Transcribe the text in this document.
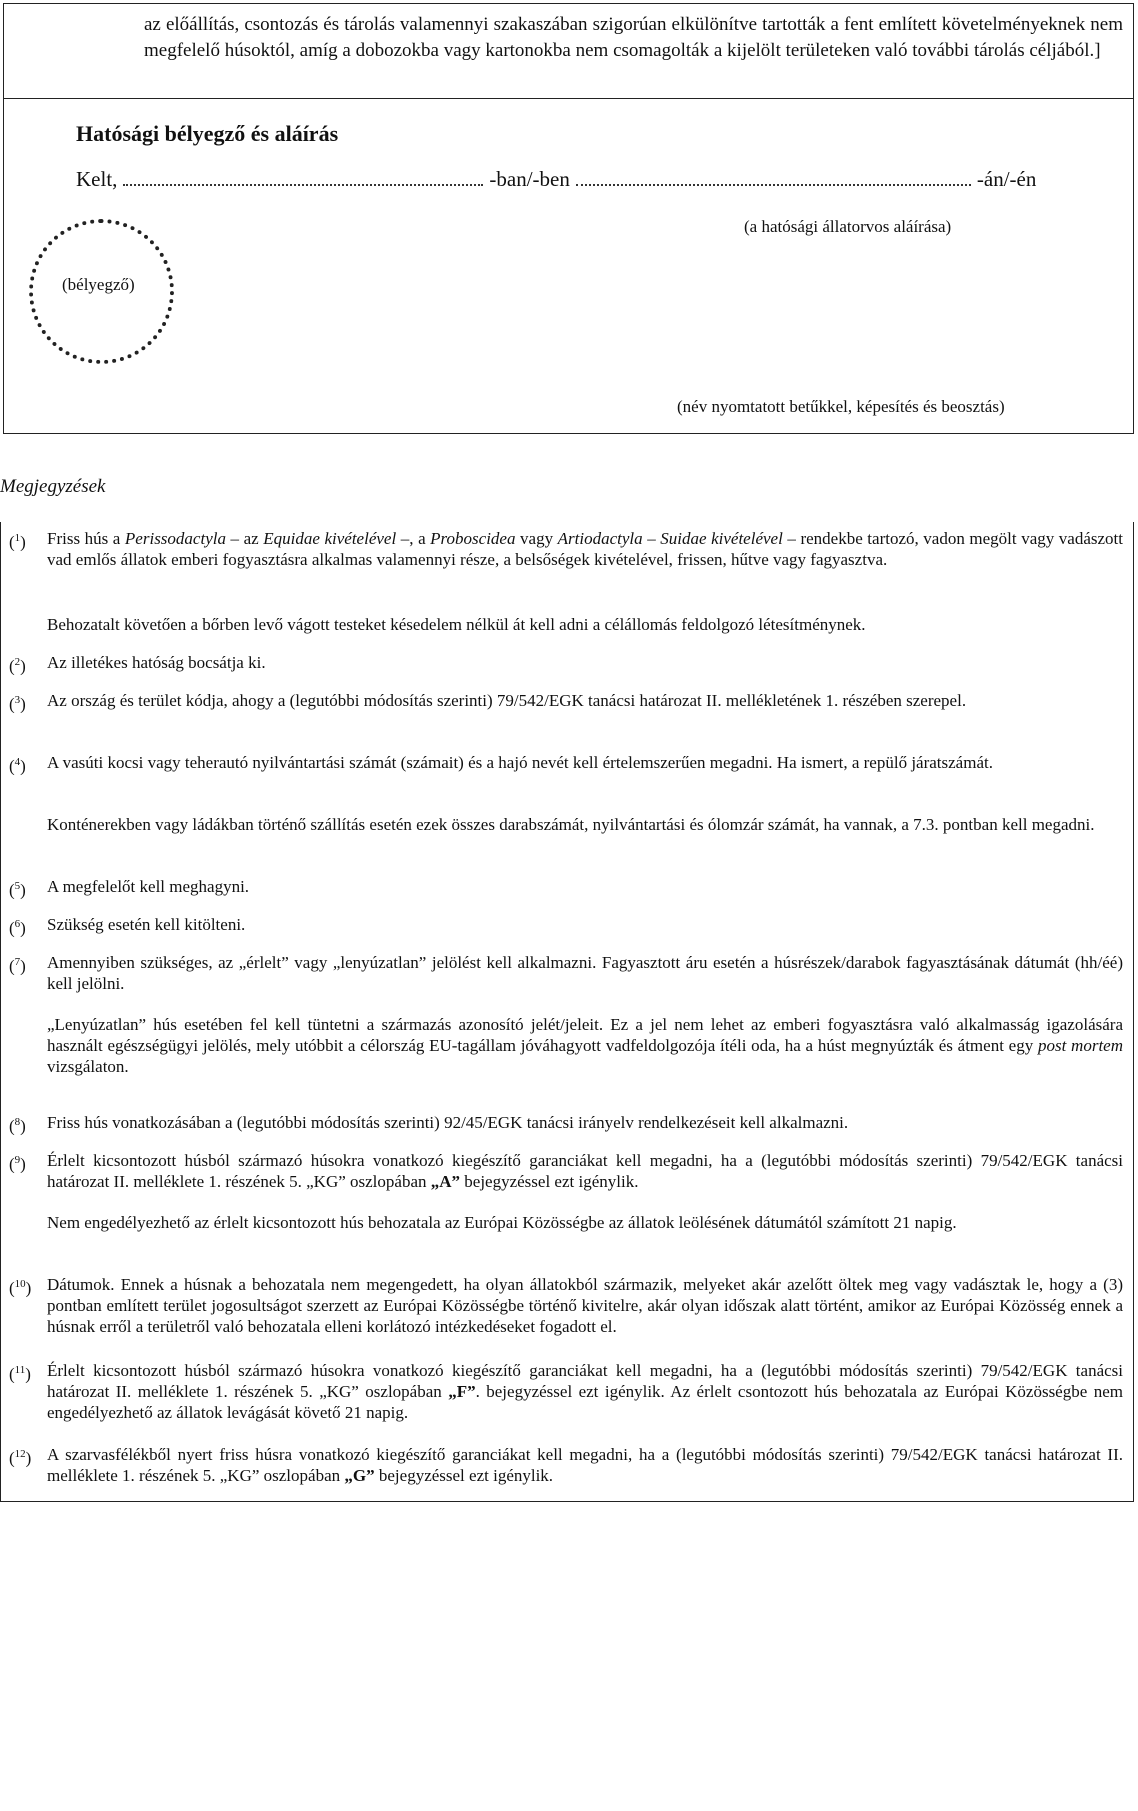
az előállítás, csontozás és tárolás valamennyi szakaszában szigorúan elkülönítve tartották a fent említett követelményeknek nem megfelelő húsoktól, amíg a dobozokba vagy kartonokba nem csomagolták a kijelölt területeken való további tárolás céljából.]
Hatósági bélyegző és aláírás
Kelt,	-ban/-ben	-án/-én
(a hatósági állatorvos aláírása)
(bélyegző)
(név nyomtatott betűkkel, képesítés és beosztás)
Megjegyzések
($^1$) Friss hús a Perissodactyla – az Equidae kivételével –, a Proboscidea vagy Artiodactyla – Suidae kivételével – rendekbe tartozó, vadon megölt vagy vadászott vad emlős állatok emberi fogyasztásra alkalmas valamennyi része, a belsőségek kivételével, frissen, hűtve vagy fagyasztva.
Behozatalt követően a bőrben levő vágott testeket késedelem nélkül át kell adni a célállomás feldolgozó létesítménynek.
($^2$) Az illetékes hatóság bocsátja ki.
($^3$) Az ország és terület kódja, ahogy a (legutóbbi módosítás szerinti) 79/542/EGK tanácsi határozat II. mellékletének 1. részében szerepel.
($^4$) A vasúti kocsi vagy teherautó nyilvántartási számát (számait) és a hajó nevét kell értelemszerűen megadni. Ha ismert, a repülő járatszámát.
Konténerekben vagy ládákban történő szállítás esetén ezek összes darabszámát, nyilvántartási és ólomzár számát, ha vannak, a 7.3. pontban kell megadni.
($^5$) A megfelelőt kell meghagyni.
($^6$) Szükség esetén kell kitölteni.
($^7$) Amennyiben szükséges, az „érlelt” vagy „lenyúzatlan” jelölést kell alkalmazni. Fagyasztott áru esetén a húsrészek/darabok fagyasztásának dátumát (hh/éé) kell jelölni.
„Lenyúzatlan” hús esetében fel kell tüntetni a származás azonosító jelét/jeleit. Ez a jel nem lehet az emberi fogyasztásra való alkalmasság igazolására használt egészségügyi jelölés, mely utóbbit a célország EU-tagállam jóváhagyott vadfeldolgozója ítéli oda, ha a húst megnyúzták és átment egy post mortem vizsgálaton.
($^8$) Friss hús vonatkozásában a (legutóbbi módosítás szerinti) 92/45/EGK tanácsi irányelv rendelkezéseit kell alkalmazni.
($^9$) Érlelt kicsontozott húsból származó húsokra vonatkozó kiegészítő garanciákat kell megadni, ha a (legutóbbi módosítás szerinti) 79/542/EGK tanácsi határozat II. melléklete 1. részének 5. „KG” oszlopában „A” bejegyzéssel ezt igénylik.
Nem engedélyezhető az érlelt kicsontozott hús behozatala az Európai Közösségbe az állatok leölésének dátumától számított 21 napig.
($^{10}$) Dátumok. Ennek a húsnak a behozatala nem megengedett, ha olyan állatokból származik, melyeket akár azelőtt öltek meg vagy vadásztak le, hogy a (3) pontban említett terület jogosultságot szerzett az Európai Közösségbe történő kivitelre, akár olyan időszak alatt történt, amikor az Európai Közösség ennek a húsnak erről a területről való behozatala elleni korlátozó intézkedéseket fogadott el.
($^{11}$) Érlelt kicsontozott húsból származó húsokra vonatkozó kiegészítő garanciákat kell megadni, ha a (legutóbbi módosítás szerinti) 79/542/EGK tanácsi határozat II. melléklete 1. részének 5. „KG” oszlopában „F”. bejegyzéssel ezt igénylik. Az érlelt csontozott hús behozatala az Európai Közösségbe nem engedélyezhető az állatok levágását követő 21 napig.
($^{12}$) A szarvasfélékből nyert friss húsra vonatkozó kiegészítő garanciákat kell megadni, ha a (legutóbbi módosítás szerinti) 79/542/EGK tanácsi határozat II. melléklete 1. részének 5. „KG” oszlopában „G” bejegyzéssel ezt igénylik.
